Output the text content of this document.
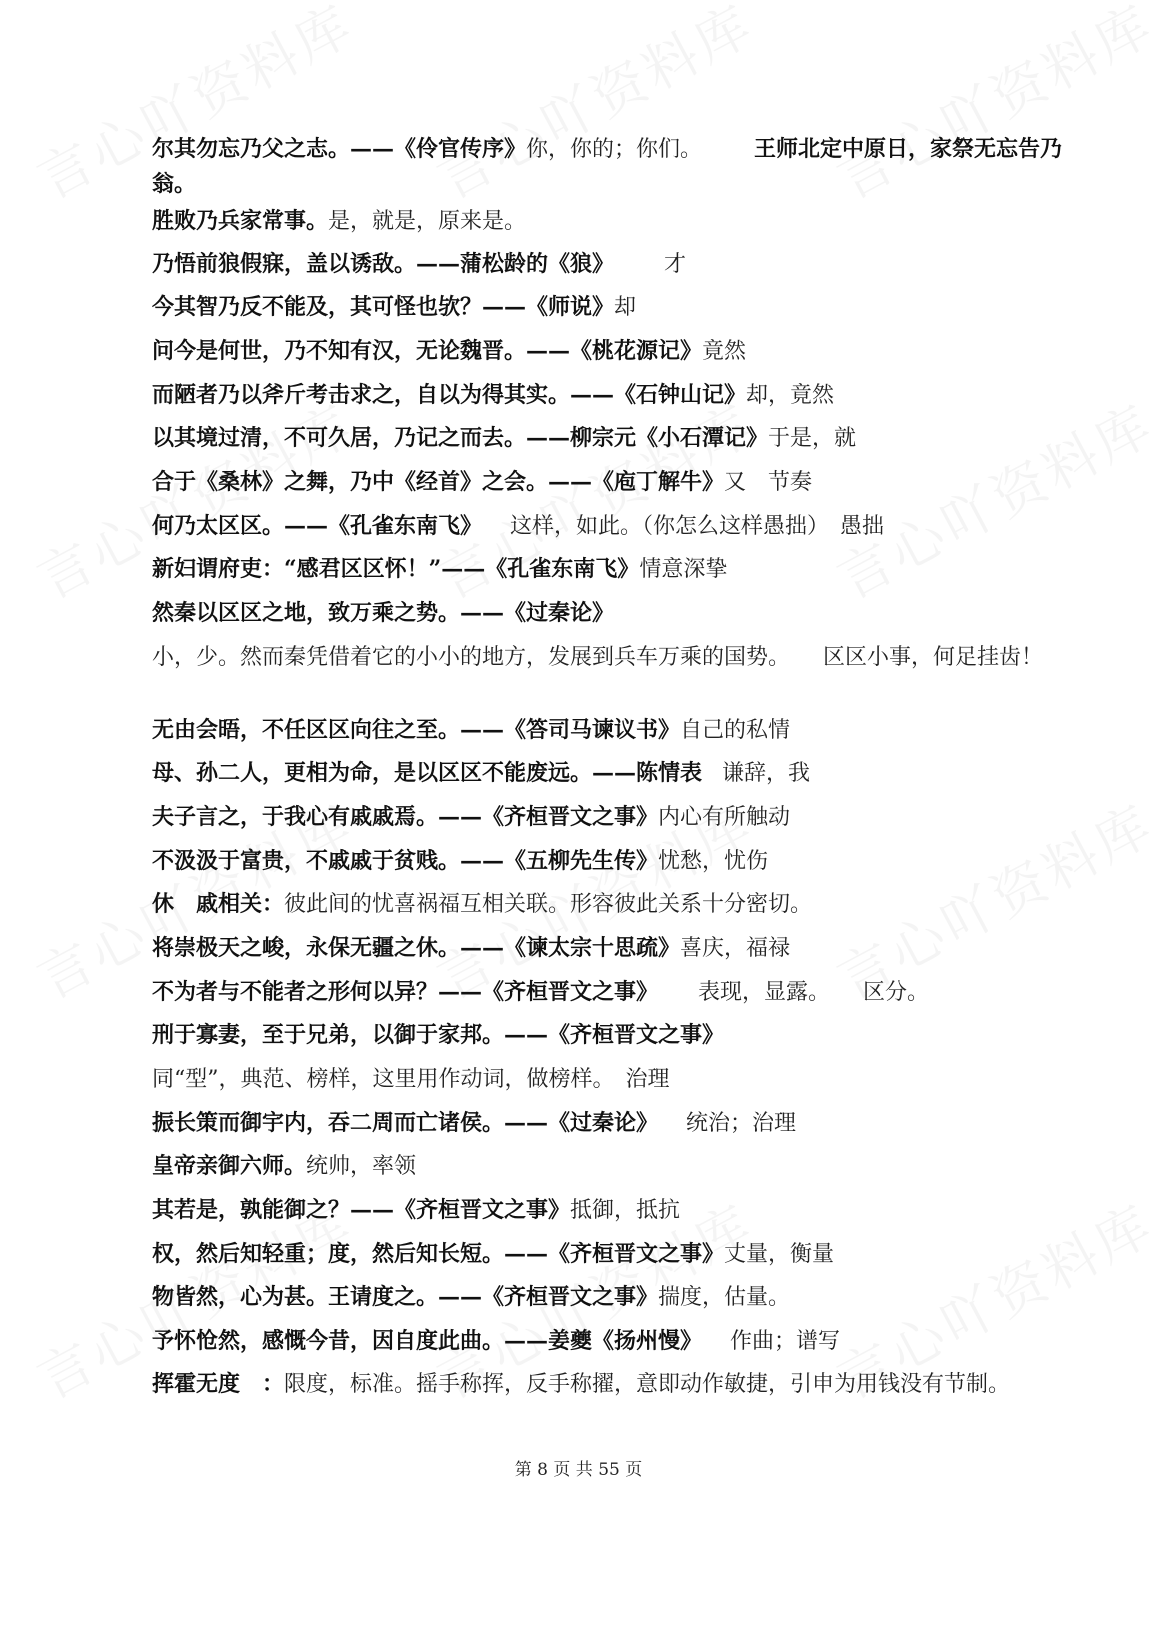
尔其勿忘乃父之志。——《伶官传序》你，你的；你们。 王师北定中原日，家祭无忘告乃翁。
胜败乃兵家常事。是，就是，原来是。
乃悟前狼假寐，盖以诱敌。——蒲松龄的《狼》 才
今其智乃反不能及，其可怪也欤？——《师说》却
问今是何世，乃不知有汉，无论魏晋。——《桃花源记》竟然
而陋者乃以斧斤考击求之，自以为得其实。——《石钟山记》却，竟然
以其境过清，不可久居，乃记之而去。——柳宗元《小石潭记》于是，就
合于《桑林》之舞，乃中《经首》之会。——《庖丁解牛》又　节奏
何乃太区区。——《孔雀东南飞》 这样，如此。（你怎么这样愚拙）　愚拙
新妇谓府吏：“感君区区怀！”——《孔雀东南飞》情意深挚
然秦以区区之地，致万乘之势。——《过秦论》
小，少。然而秦凭借着它的小小的地方，发展到兵车万乘的国势。　　区区小事，何足挂齿！
无由会晤，不任区区向往之至。——《答司马谏议书》自己的私情
母、孙二人，更相为命，是以区区不能废远。——陈情表 谦辞，我
夫子言之，于我心有戚戚焉。——《齐桓晋文之事》内心有所触动
不汲汲于富贵，不戚戚于贫贱。——《五柳先生传》忧愁，忧伤
休　戚相关：彼此间的忧喜祸福互相关联。形容彼此关系十分密切。
将崇极天之峻，永保无疆之休。——《谏太宗十思疏》喜庆，福禄
不为者与不能者之形何以异？——《齐桓晋文之事》 表现，显露。　　区分。
刑于寡妻，至于兄弟，以御于家邦。——《齐桓晋文之事》
同“型”，典范、榜样，这里用作动词，做榜样。　治理
振长策而御宇内，吞二周而亡诸侯。——《过秦论》 统治；治理
皇帝亲御六师。统帅，率领
其若是，孰能御之？——《齐桓晋文之事》抵御，抵抗
权，然后知轻重；度，然后知长短。——《齐桓晋文之事》丈量，衡量
物皆然，心为甚。王请度之。——《齐桓晋文之事》揣度，估量。
予怀怆然，感慨今昔，因自度此曲。——姜夔《扬州慢》 作曲；谱写
挥霍无度　：限度，标准。摇手称挥，反手称擢，意即动作敏捷，引申为用钱没有节制。
第 8 页 共 55 页
